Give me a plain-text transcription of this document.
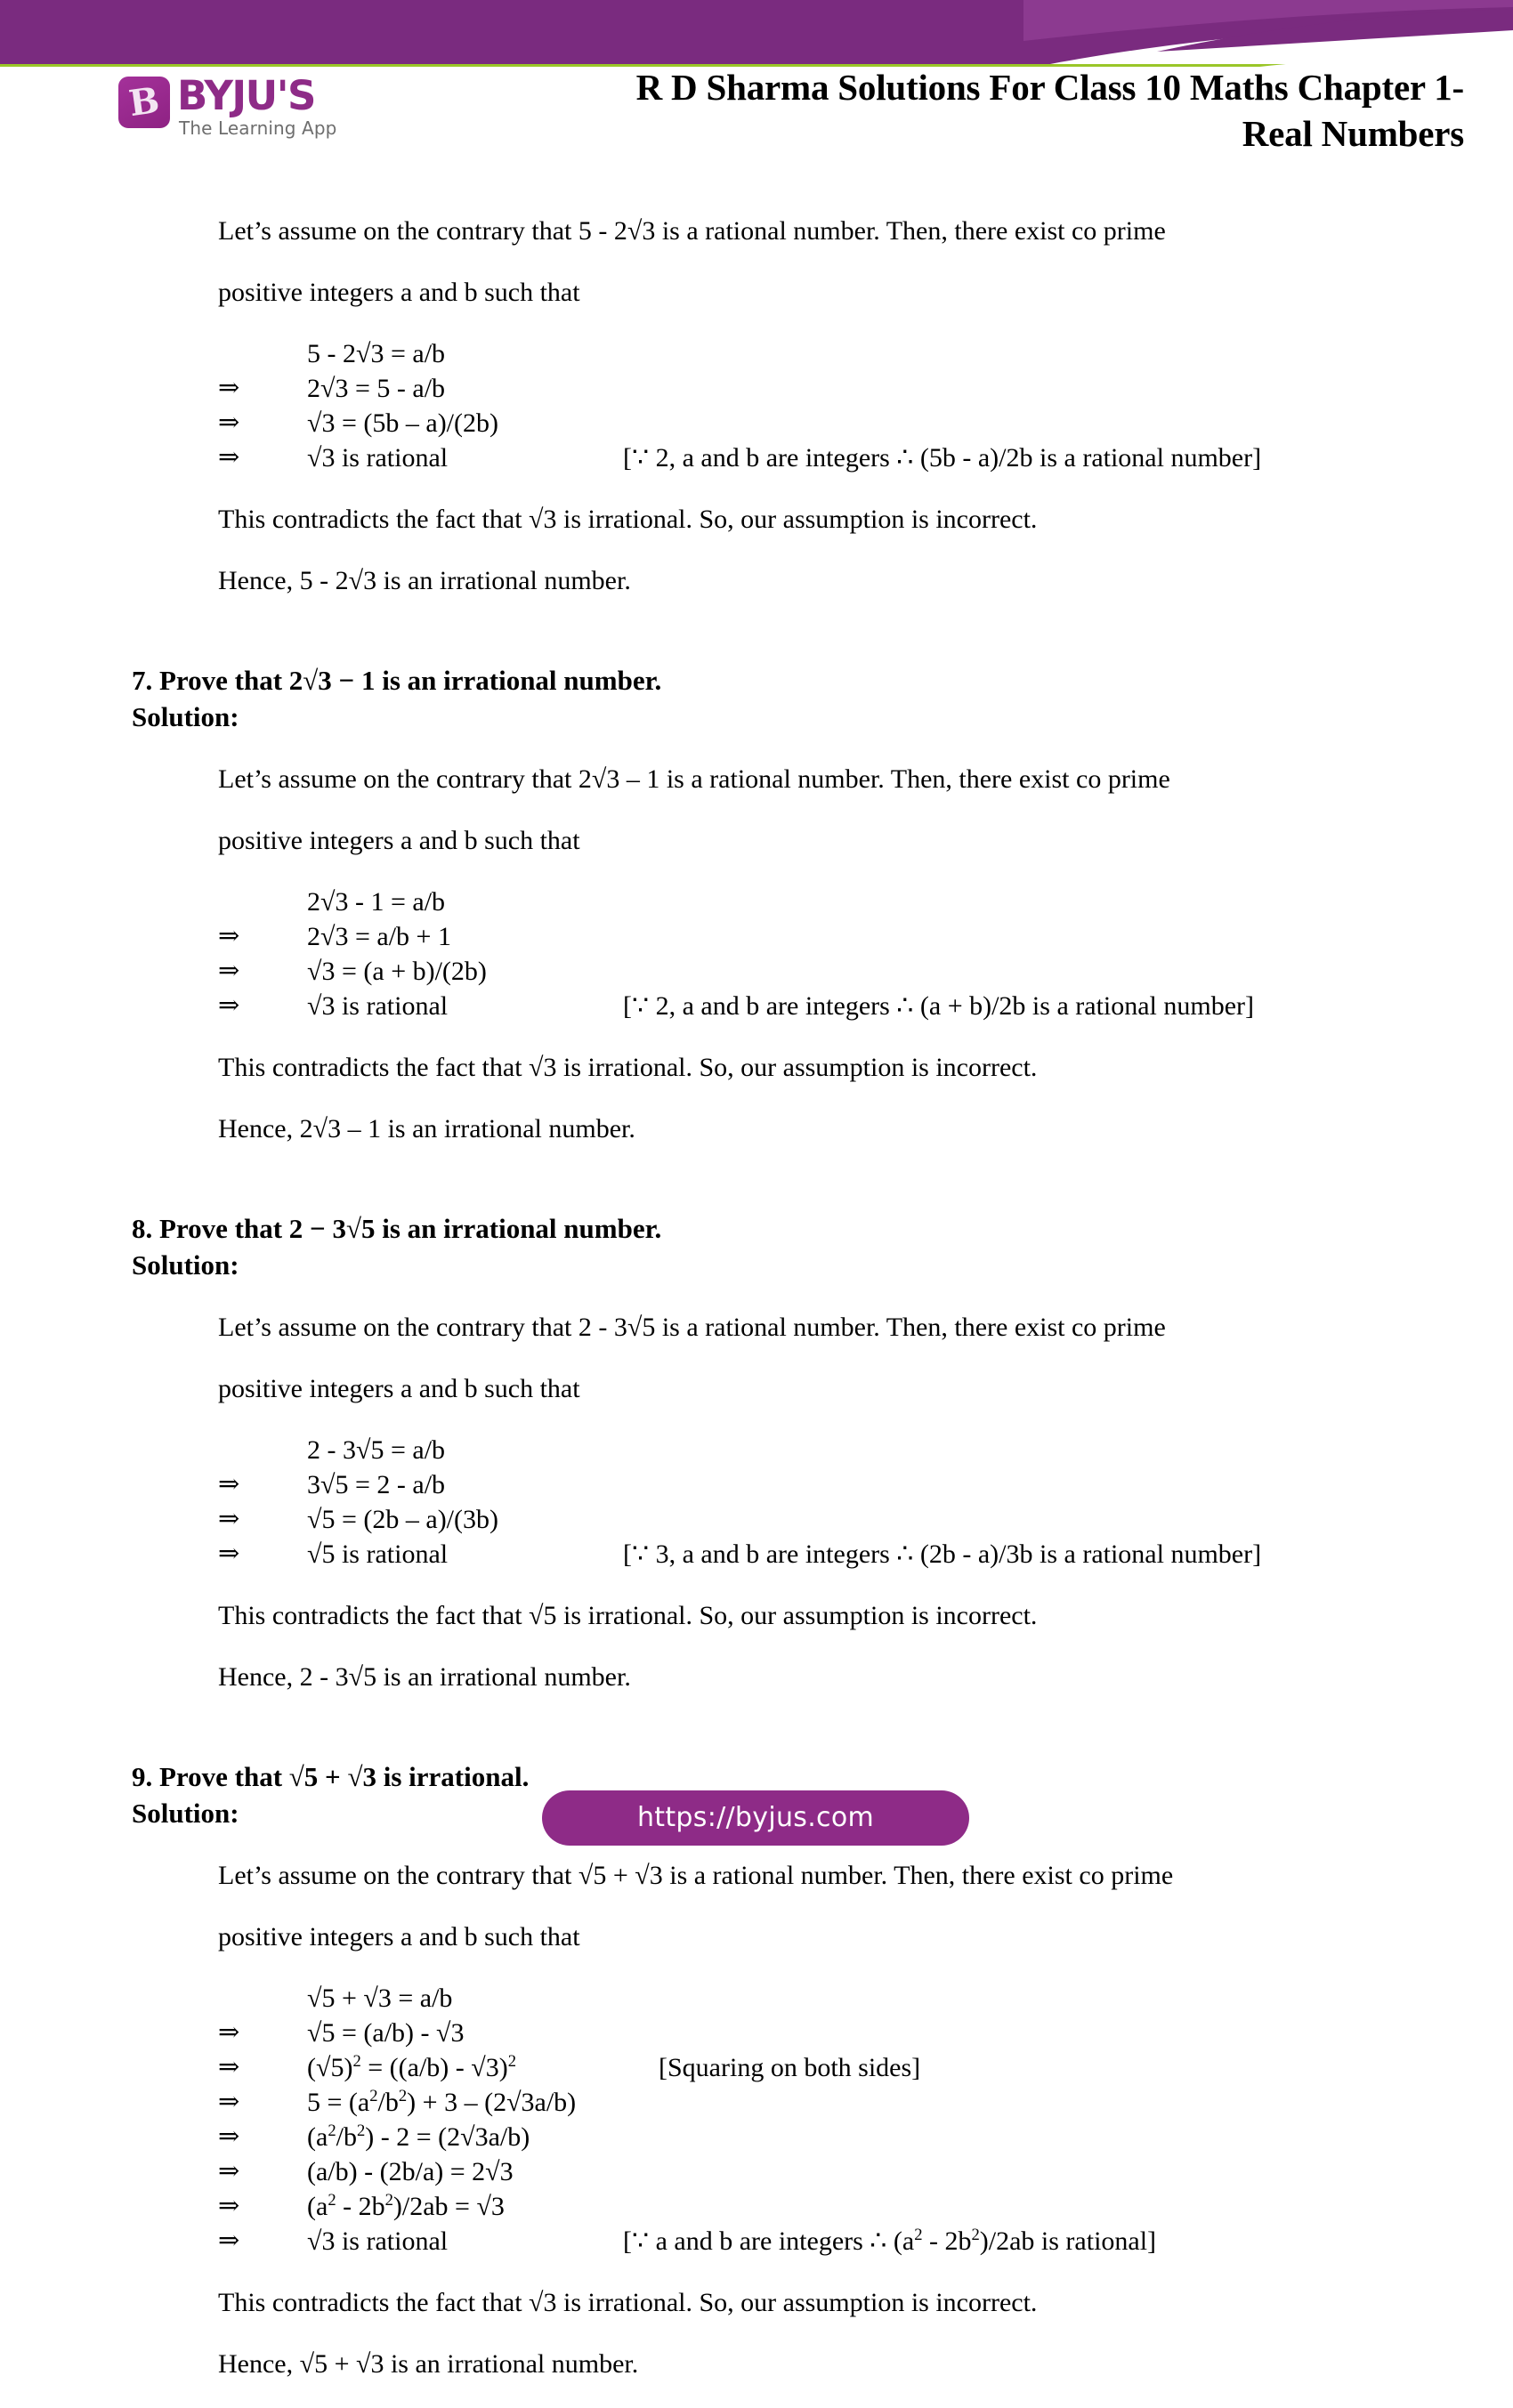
B BYJU'S
The Learning App
R D Sharma Solutions For Class 10 Maths Chapter 1-
Real Numbers

Let’s assume on the contrary that 5 - 2√3 is a rational number. Then, there exist co prime

positive integers a and b such that

5 - 2√3 = a/b
⇒	2√3 = 5 - a/b
⇒	√3 = (5b – a)/(2b)
⇒	√3 is rational	[∵ 2, a and b are integers ∴ (5b - a)/2b is a rational number]

This contradicts the fact that √3 is irrational. So, our assumption is incorrect.

Hence, 5 - 2√3 is an irrational number.

7. Prove that 2√3 − 1 is an irrational number.

Solution:

Let’s assume on the contrary that 2√3 – 1 is a rational number. Then, there exist co prime

positive integers a and b such that

2√3 - 1 = a/b
⇒	2√3 = a/b + 1
⇒	√3 = (a + b)/(2b)
⇒	√3 is rational	[∵ 2, a and b are integers ∴ (a + b)/2b is a rational number]

This contradicts the fact that √3 is irrational. So, our assumption is incorrect.

Hence, 2√3 – 1 is an irrational number.

8. Prove that 2 − 3√5 is an irrational number.

Solution:

Let’s assume on the contrary that 2 - 3√5 is a rational number. Then, there exist co prime

positive integers a and b such that

2 - 3√5 = a/b
⇒	3√5 = 2 - a/b
⇒	√5 = (2b – a)/(3b)
⇒	√5 is rational	[∵ 3, a and b are integers ∴ (2b - a)/3b is a rational number]

This contradicts the fact that √5 is irrational. So, our assumption is incorrect.

Hence, 2 - 3√5 is an irrational number.

9. Prove that √5 + √3 is irrational.

Solution:

Let’s assume on the contrary that √5 + √3 is a rational number. Then, there exist co prime

positive integers a and b such that

√5 + √3 = a/b
⇒	√5 = (a/b) - √3
⇒	$(√5)^2 = ((a/b) - √3)^2$	[Squaring on both sides]
⇒	$5 = (a^2/b^2) + 3 - (2√3a/b)$
⇒	$(a^2/b^2) - 2 = (2√3a/b)$
⇒	(a/b) - (2b/a) = 2√3
⇒	$(a^2 - 2b^2)/2ab = √3$
⇒	√3 is rational	[∵ a and b are integers ∴ $(a^2 - 2b^2)/2ab$ is rational]

This contradicts the fact that √3 is irrational. So, our assumption is incorrect.

Hence, √5 + √3 is an irrational number.

https://byjus.com
